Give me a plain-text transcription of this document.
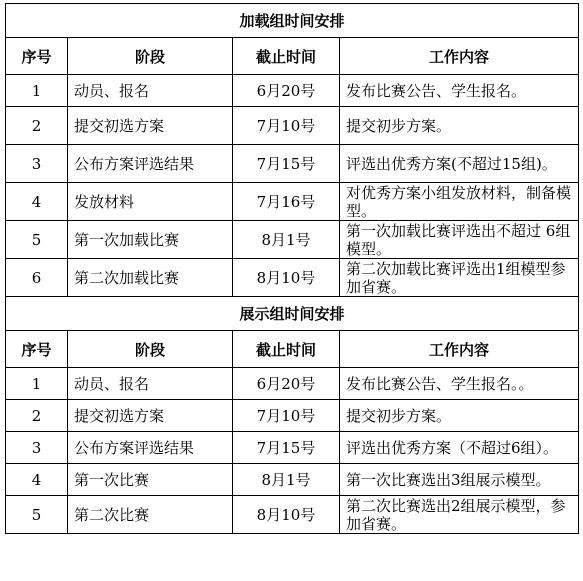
加载组时间安排			
序号	阶段	截止时间	工作内容
1	动员、报名	6月20号	发布比赛公告、学生报名。
2	提交初选方案	7月10号	提交初步方案。
3	公布方案评选结果	7月15号	评选出优秀方案(不超过15组)。
4	发放材料	7月16号	对优秀方案小组发放材料，制备模型。
5	第一次加载比赛	8月1号	第一次加载比赛评选出不超过 6组模型。
6	第二次加载比赛	8月10号	第二次加载比赛评选出1组模型参加省赛。
展示组时间安排			
序号	阶段	截止时间	工作内容
1	动员、报名	6月20号	发布比赛公告、学生报名。。
2	提交初选方案	7月10号	提交初步方案。
3	公布方案评选结果	7月15号	评选出优秀方案（不超过6组）。
4	第一次比赛	8月1号	第一次比赛选出3组展示模型。
5	第二次比赛	8月10号	第二次比赛选出2组展示模型，参加省赛。
